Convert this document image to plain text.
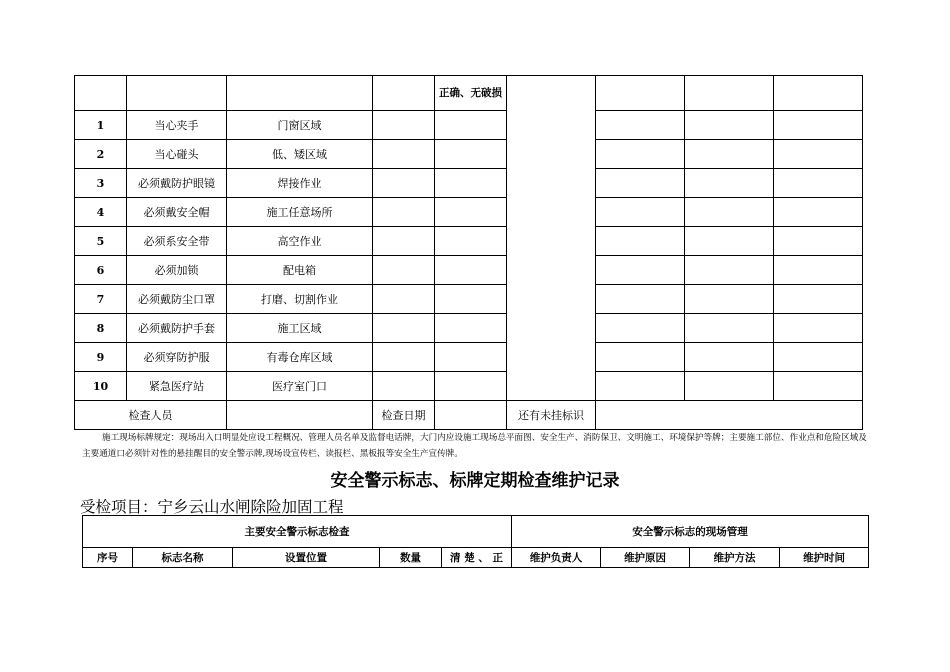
				正确、无破损				
1	当心夹手	门窗区域						
2	当心碰头	低、矮区域						
3	必须戴防护眼镜	焊接作业						
4	必须戴安全帽	施工任意场所						
5	必须系安全带	高空作业						
6	必须加锁	配电箱						
7	必须戴防尘口罩	打磨、切割作业						
8	必须戴防护手套	施工区域						
9	必须穿防护服	有毒仓库区域						
10	紧急医疗站	医疗室门口						
检查人员			检查日期		还有未挂标识			
施工现场标牌规定：现场出入口明显处应设工程概况、管理人员名单及监督电话牌，大门内应设施工现场总平面图、安全生产、消防保卫、文明施工、环境保护等牌；主要施工部位、作业点和危险区域及主要通道口必须针对性的悬挂醒目的安全警示牌,现场设宣传栏、读报栏、黑板报等安全生产宣传牌。
安全警示标志、标牌定期检查维护记录
受检项目：宁乡云山水闸除险加固工程
主要安全警示标志检查					安全警示标志的现场管理			
序号	标志名称	设置位置	数量	清 楚 、 正	维护负责人	维护原因	维护方法	维护时间
